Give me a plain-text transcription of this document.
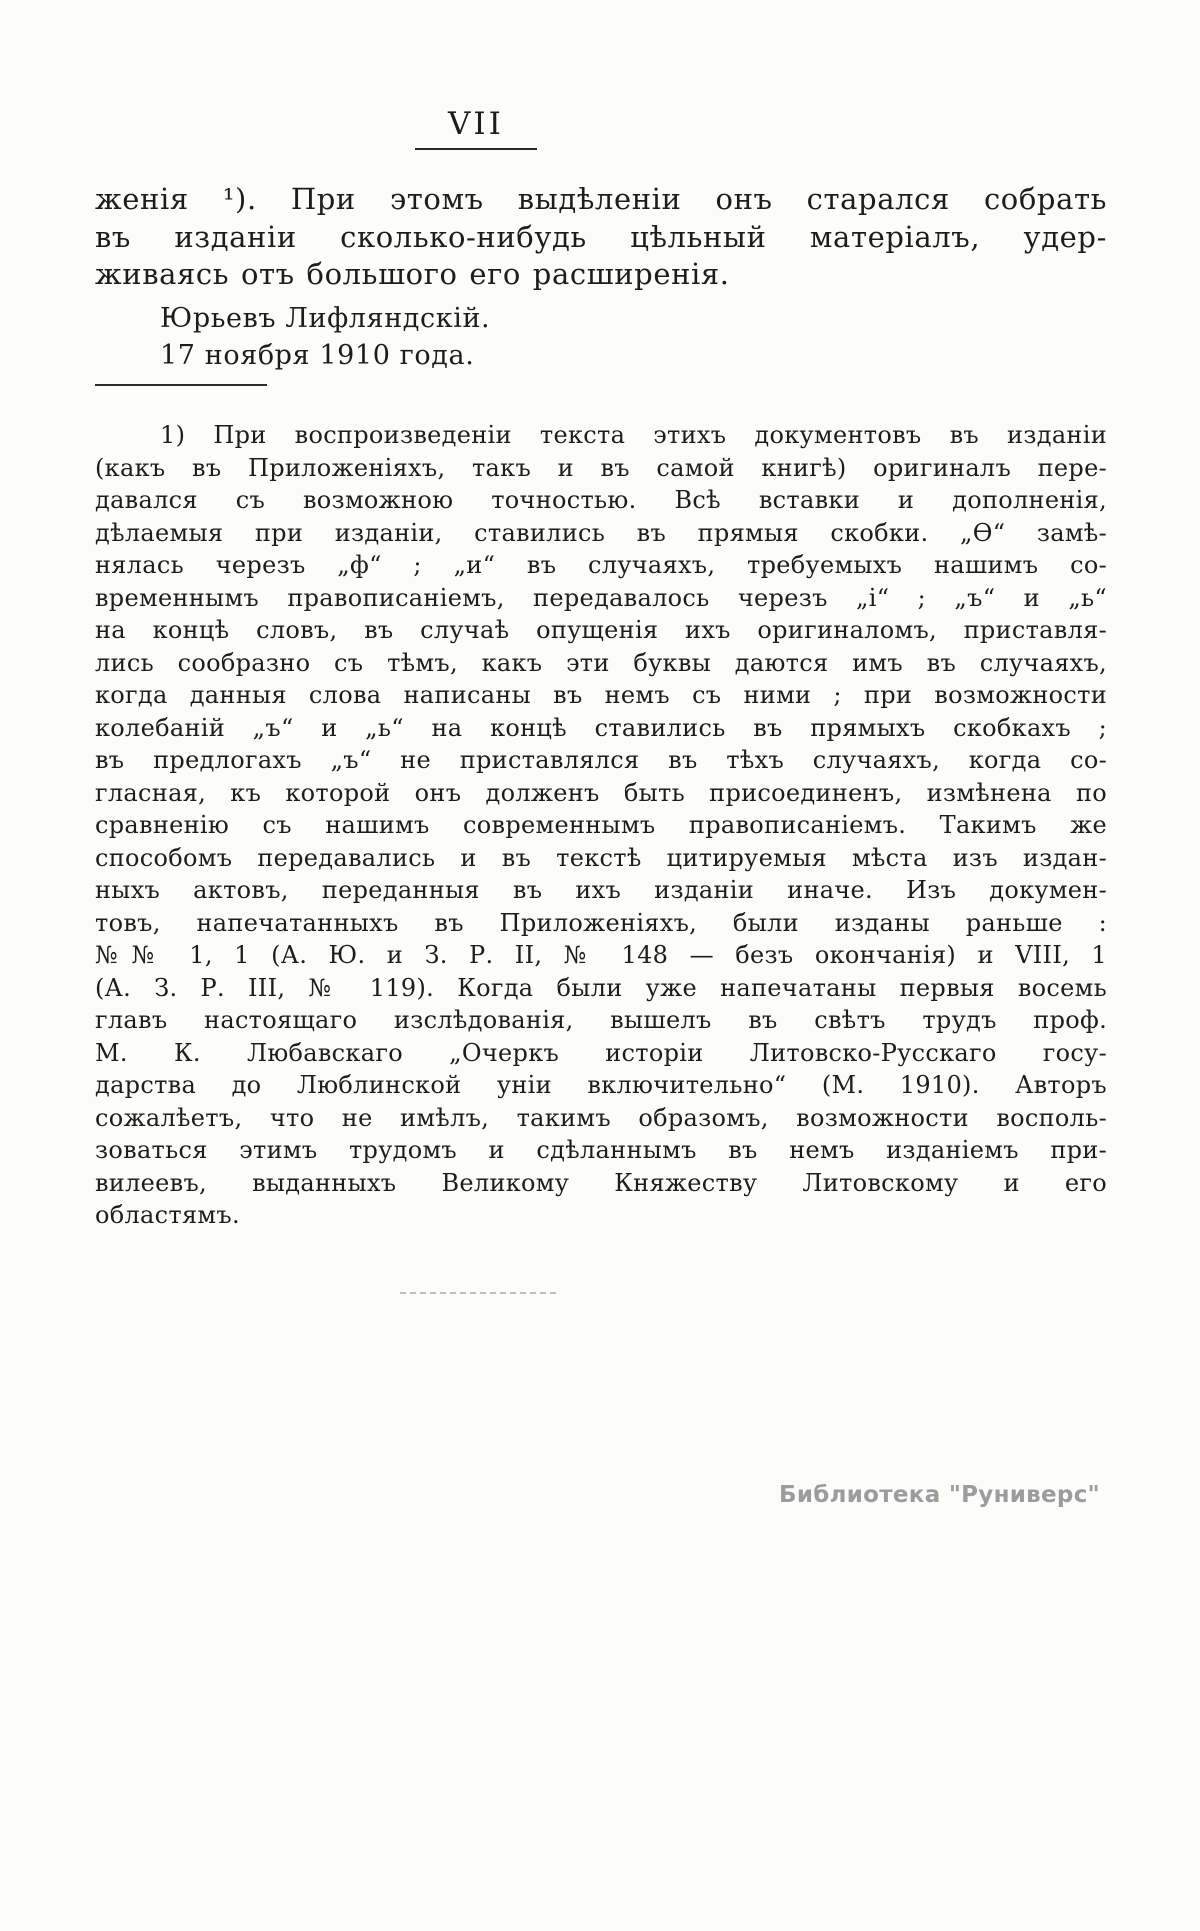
VII
женія ¹). При этомъ выдѣленіи онъ старался собрать
въ изданіи сколько-нибудь цѣльный матеріалъ, удер-
живаясь отъ большого его расширенія.
Юрьевъ Лифляндскій.
17 ноября 1910 года.
1) При воспроизведеніи текста этихъ документовъ въ изданіи
(какъ въ Приложеніяхъ, такъ и въ самой книгѣ) оригиналъ пере-
давался съ возможною точностью. Всѣ вставки и дополненія,
дѣлаемыя при изданіи, ставились въ прямыя скобки. „Ѳ“ замѣ-
нялась черезъ „ф“ ; „и“ въ случаяхъ, требуемыхъ нашимъ со-
временнымъ правописаніемъ, передавалось черезъ „і“ ; „ъ“ и „ь“
на концѣ словъ, въ случаѣ опущенія ихъ оригиналомъ, приставля-
лись сообразно съ тѣмъ, какъ эти буквы даются имъ въ случаяхъ,
когда данныя слова написаны въ немъ съ ними ; при возможности
колебаній „ъ“ и „ь“ на концѣ ставились въ прямыхъ скобкахъ ;
въ предлогахъ „ъ“ не приставлялся въ тѣхъ случаяхъ, когда со-
гласная, къ которой онъ долженъ быть присоединенъ, измѣнена по
сравненію съ нашимъ современнымъ правописаніемъ. Такимъ же
способомъ передавались и въ текстѣ цитируемыя мѣста изъ издан-
ныхъ актовъ, переданныя въ ихъ изданіи иначе. Изъ докумен-
товъ, напечатанныхъ въ Приложеніяхъ, были изданы раньше :
№№ 1, 1 (А. Ю. и З. Р. II, № 148 — безъ окончанія) и VIII, 1
(А. З. Р. III, № 119). Когда были уже напечатаны первыя восемь
главъ настоящаго изслѣдованія, вышелъ въ свѣтъ трудъ проф.
М. К. Любавскаго „Очеркъ исторіи Литовско-Русскаго госу-
дарства до Люблинской уніи включительно“ (М. 1910). Авторъ
сожалѣетъ, что не имѣлъ, такимъ образомъ, возможности восполь-
зоваться этимъ трудомъ и сдѣланнымъ въ немъ изданіемъ при-
вилеевъ, выданныхъ Великому Княжеству Литовскому и его
областямъ.
Библиотека "Руниверс"
